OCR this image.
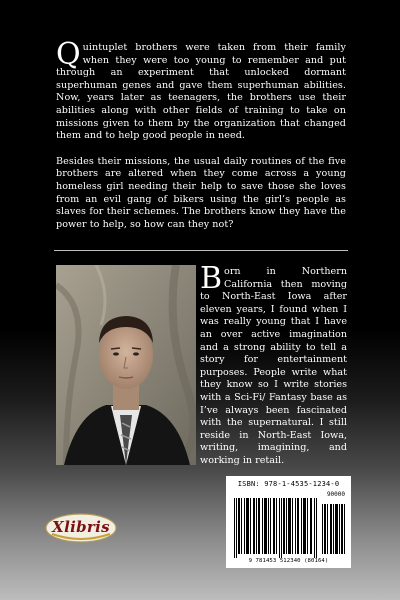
Quintuplet brothers were taken from their family when they were too young to remember and put through an experiment that unlocked dormant superhuman genes and gave them superhuman abilities. Now, years later as teenagers, the brothers use their abilities along with other fields of training to take on missions given to them by the organization that changed them and to help good people in need.

Besides their missions, the usual daily routines of the five brothers are altered when they come across a young homeless girl needing their help to save those she loves from an evil gang of bikers using the girl’s people as slaves for their schemes. The brothers know they have the power to help, so how can they not?

Born in Northern California then moving to North-East Iowa after eleven years, I found when I was really young that I have an over active imagination and a strong ability to tell a story for entertainment purposes. People write what they know so I write stories with a Sci-Fi/ Fantasy base as I’ve always been fascinated with the supernatural. I still reside in North-East Iowa, writing, imagining, and working in retail.

ISBN: 978-1-4535-1234-0
90000
9 781453 512340 (80164)
Xlibris
